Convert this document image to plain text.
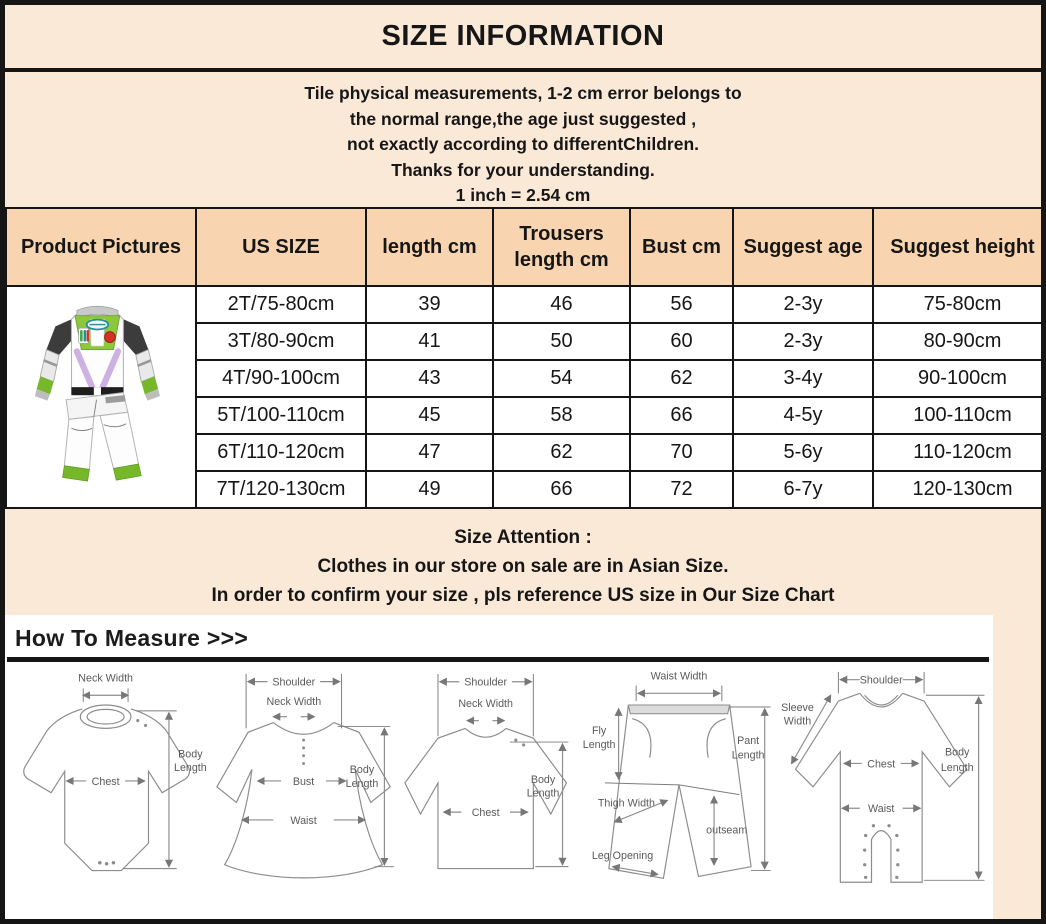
SIZE INFORMATION
Tile physical measurements, 1-2 cm error belongs to
the normal range,the age just suggested ,
not exactly according to differentChildren.
Thanks for your understanding.
1 inch = 2.54 cm
Product Pictures	US SIZE	length cm	Trousers length cm	Bust cm	Suggest age	Suggest height

	2T/75-80cm	39	46	56	2-3y	75-80cm
	3T/80-90cm	41	50	60	2-3y	80-90cm
	4T/90-100cm	43	54	62	3-4y	90-100cm
	5T/100-110cm	45	58	66	4-5y	100-110cm
	6T/110-120cm	47	62	70	5-6y	110-120cm
	7T/120-130cm	49	66	72	6-7y	120-130cm
Size Attention :
Clothes in our store on sale are in Asian Size.
In order to confirm your size , pls reference US size in Our Size Chart
How To Measure >>>
Neck Width
Chest
Body
Length
Shoulder
Neck Width
Bust
Waist
Body
Length
Shoulder
Neck Width
Chest
Body
Length
Waist Width
Fly
Length
Thigh Width
Leg Opening
outseam
Pant
Length
Shoulder
Sleeve
Width
Chest
Waist
Body
Length
